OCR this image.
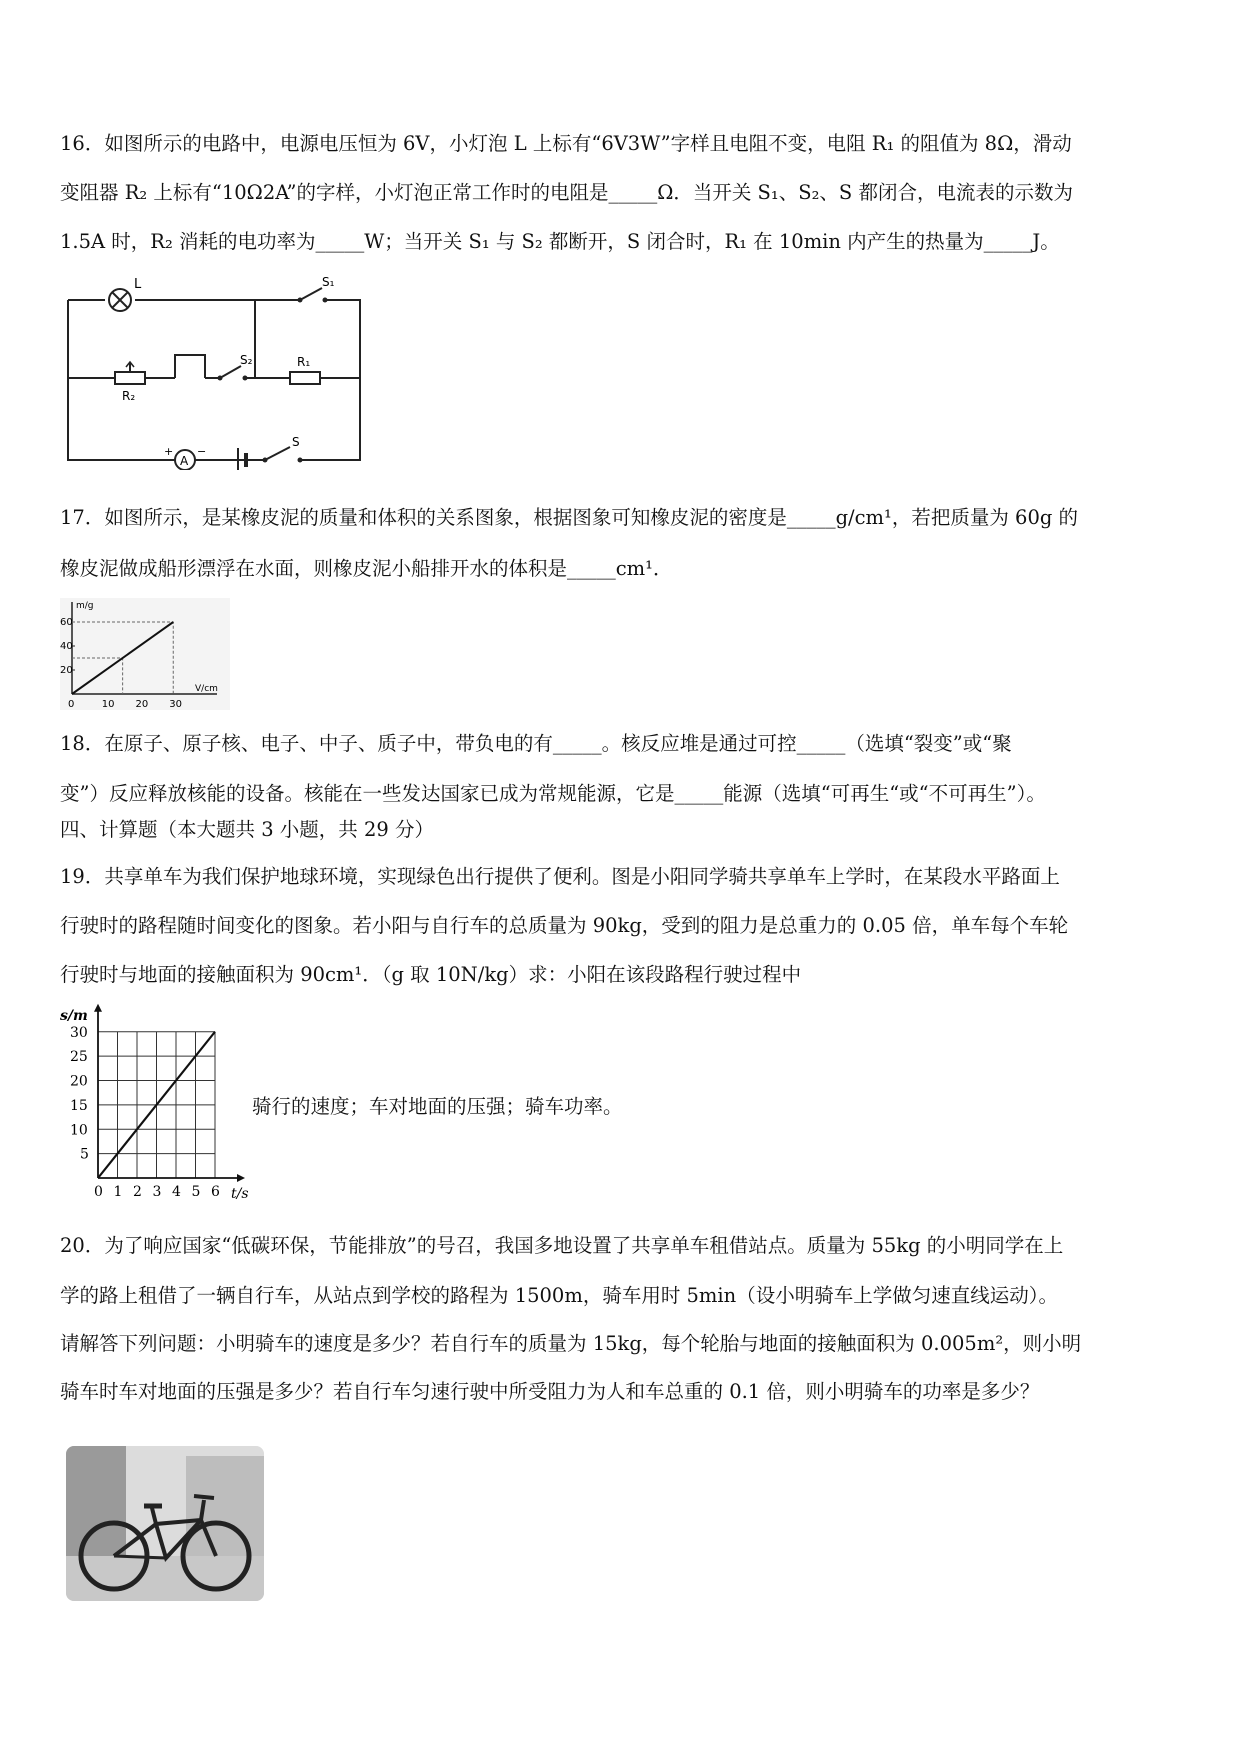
16．如图所示的电路中，电源电压恒为 6V，小灯泡 L 上标有“6V3W”字样且电阻不变，电阻 R₁ 的阻值为 8Ω，滑动
变阻器 R₂ 上标有“10Ω2A”的字样，小灯泡正常工作时的电阻是_____Ω．当开关 S₁、S₂、S 都闭合，电流表的示数为
1.5A 时，R₂ 消耗的电功率为_____W；当开关 S₁ 与 S₂ 都断开，S 闭合时，R₁ 在 10min 内产生的热量为_____J。
L	S₁
R₂
S₂	R₁
A
+ −
S
17．如图所示，是某橡皮泥的质量和体积的关系图象，根据图象可知橡皮泥的密度是_____g/cm¹，若把质量为 60g 的
橡皮泥做成船形漂浮在水面，则橡皮泥小船排开水的体积是_____cm¹．
0	10 20 30
20
40
60
m/g
V/cm
18．在原子、原子核、电子、中子、质子中，带负电的有_____。核反应堆是通过可控_____（选填“裂变”或“聚
变”）反应释放核能的设备。核能在一些发达国家已成为常规能源，它是_____能源（选填“可再生“或“不可再生”）。
四、计算题（本大题共 3 小题，共 29 分）
19．共享单车为我们保护地球环境，实现绿色出行提供了便利。图是小阳同学骑共享单车上学时，在某段水平路面上
行驶时的路程随时间变化的图象。若小阳与自行车的总质量为 90kg，受到的阻力是总重力的 0.05 倍，单车每个车轮
行驶时与地面的接触面积为 90cm¹．（g 取 10N/kg）求：小阳在该段路程行驶过程中
0 1 2 3 4 5 6
5
10
15
20
25
30
s/m
t/s
骑行的速度；车对地面的压强；骑车功率。
20．为了响应国家“低碳环保，节能排放”的号召，我国多地设置了共享单车租借站点。质量为 55kg 的小明同学在上
学的路上租借了一辆自行车，从站点到学校的路程为 1500m，骑车用时 5min（设小明骑车上学做匀速直线运动）。
请解答下列问题：小明骑车的速度是多少？若自行车的质量为 15kg，每个轮胎与地面的接触面积为 0.005m²，则小明
骑车时车对地面的压强是多少？若自行车匀速行驶中所受阻力为人和车总重的 0.1 倍，则小明骑车的功率是多少？
